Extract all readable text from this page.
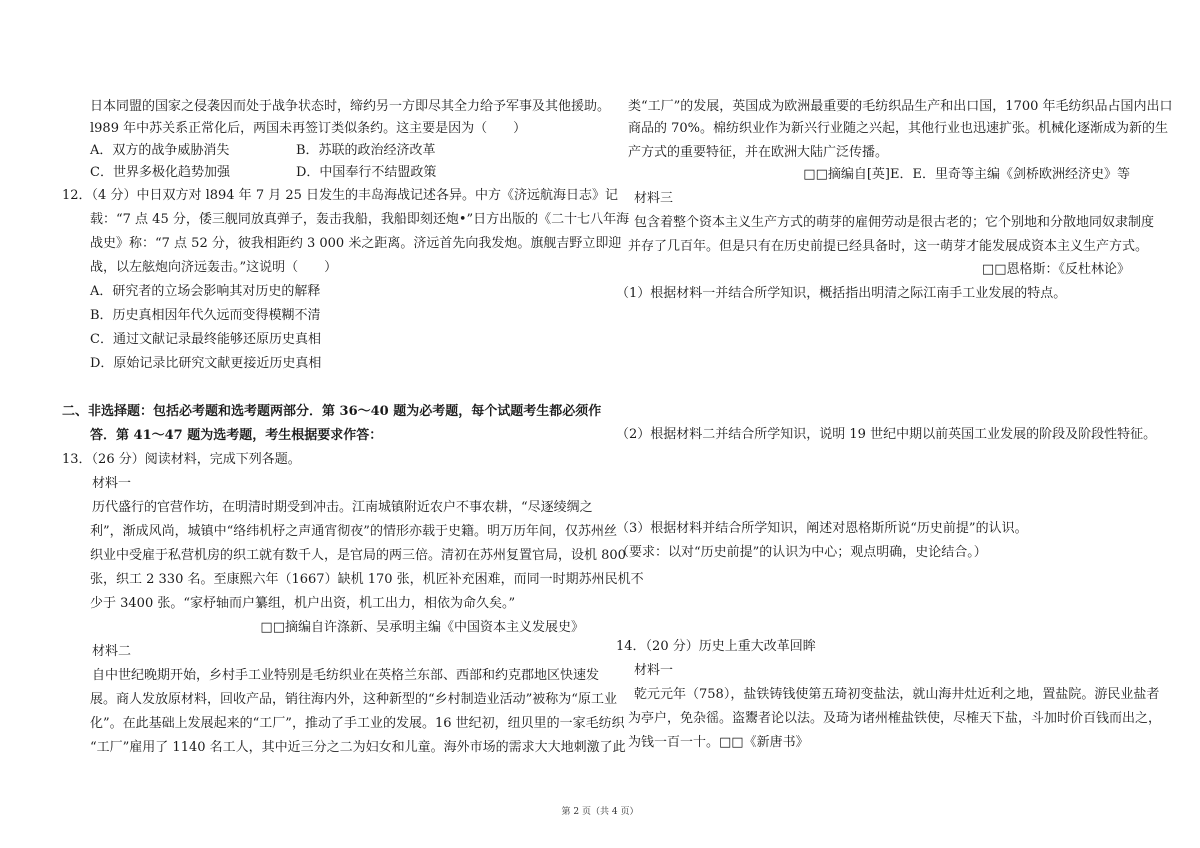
日本同盟的国家之侵袭因而处于战争状态时，缔约另一方即尽其全力给予军事及其他援助。
l989 年中苏关系正常化后，两国未再签订类似条约。这主要是因为（　　）
A．双方的战争威胁消失	B．苏联的政治经济改革
C．世界多极化趋势加强	D．中国奉行不结盟政策
12．（4 分）中日双方对 l894 年 7 月 25 日发生的丰岛海战记述各异。中方《济远航海日志》记
载：“7 点 45 分，倭三舰同放真弹子，轰击我船，我船即刻还炮•”日方出版的《二十七八年海
战史》称：“7 点 52 分，彼我相距约 3 000 米之距离。济远首先向我发炮。旗舰吉野立即迎
战，以左舷炮向济远轰击。”这说明（　　）
A．研究者的立场会影响其对历史的解释
B．历史真相因年代久远而变得模糊不清
C．通过文献记录最终能够还原历史真相
D．原始记录比研究文献更接近历史真相
二、非选择题：包括必考题和选考题两部分．第 36～40 题为必考题，每个试题考生都必须作
答．第 41～47 题为选考题，考生根据要求作答：
13．（26 分）阅读材料，完成下列各题。
材料一
历代盛行的官营作坊，在明清时期受到冲击。江南城镇附近农户不事农耕，“尽逐绫绸之
利”，渐成风尚，城镇中“络纬机杼之声通宵彻夜”的情形亦载于史籍。明万历年间，仅苏州丝
织业中受雇于私营机房的织工就有数千人，是官局的两三倍。清初在苏州复置官局，设机 800
张，织工 2 330 名。至康熙六年（1667）缺机 170 张，机匠补充困难，而同一时期苏州民机不
少于 3400 张。“家杼轴而户纂组，机户出资，机工出力，相依为命久矣。”
□□摘编自许涤新、吴承明主编《中国资本主义发展史》
材料二
自中世纪晚期开始，乡村手工业特别是毛纺织业在英格兰东部、西部和约克郡地区快速发
展。商人发放原材料，回收产品，销往海内外，这种新型的“乡村制造业活动”被称为“原工业
化”。在此基础上发展起来的“工厂”，推动了手工业的发展。16 世纪初，纽贝里的一家毛纺织
“工厂”雇用了 1140 名工人，其中近三分之二为妇女和儿童。海外市场的需求大大地刺激了此
类“工厂”的发展，英国成为欧洲最重要的毛纺织品生产和出口国，1700 年毛纺织品占国内出口
商品的 70%。棉纺织业作为新兴行业随之兴起，其他行业也迅速扩张。机械化逐渐成为新的生
产方式的重要特征，并在欧洲大陆广泛传播。
□□摘编自[英]E．E．里奇等主编《剑桥欧洲经济史》等
材料三
包含着整个资本主义生产方式的萌芽的雇佣劳动是很古老的；它个别地和分散地同奴隶制度
并存了几百年。但是只有在历史前提已经具备时，这一萌芽才能发展成资本主义生产方式。
□□恩格斯：《反杜林论》
（1）根据材料一并结合所学知识，概括指出明清之际江南手工业发展的特点。
（2）根据材料二并结合所学知识，说明 19 世纪中期以前英国工业发展的阶段及阶段性特征。
（3）根据材料并结合所学知识，阐述对恩格斯所说“历史前提”的认识。
（要求：以对“历史前提”的认识为中心；观点明确，史论结合。）
14．（20 分）历史上重大改革回眸
材料一
乾元元年（758），盐铁铸钱使第五琦初变盐法，就山海井灶近利之地，置盐院。游民业盐者
为亭户，免杂徭。盗鬻者论以法。及琦为诸州榷盐铁使，尽榷天下盐，斗加时价百钱而出之，
为钱一百一十。□□《新唐书》
第 2 页（共 4 页）
